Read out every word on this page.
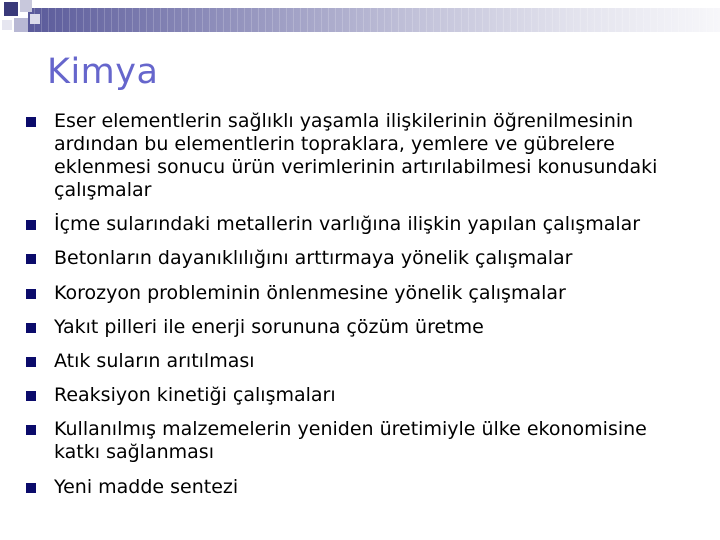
Kimya
Eser elementlerin sağlıklı yaşamla ilişkilerinin öğrenilmesinin ardından bu elementlerin topraklara, yemlere ve gübrelere eklenmesi sonucu ürün verimlerinin artırılabilmesi konusundaki çalışmalar
İçme sularındaki metallerin varlığına ilişkin yapılan çalışmalar
Betonların dayanıklılığını arttırmaya yönelik çalışmalar
Korozyon probleminin önlenmesine yönelik çalışmalar
Yakıt pilleri ile enerji sorununa çözüm üretme
Atık suların arıtılması
Reaksiyon kinetiği çalışmaları
Kullanılmış malzemelerin yeniden üretimiyle ülke ekonomisine katkı sağlanması
Yeni madde sentezi
